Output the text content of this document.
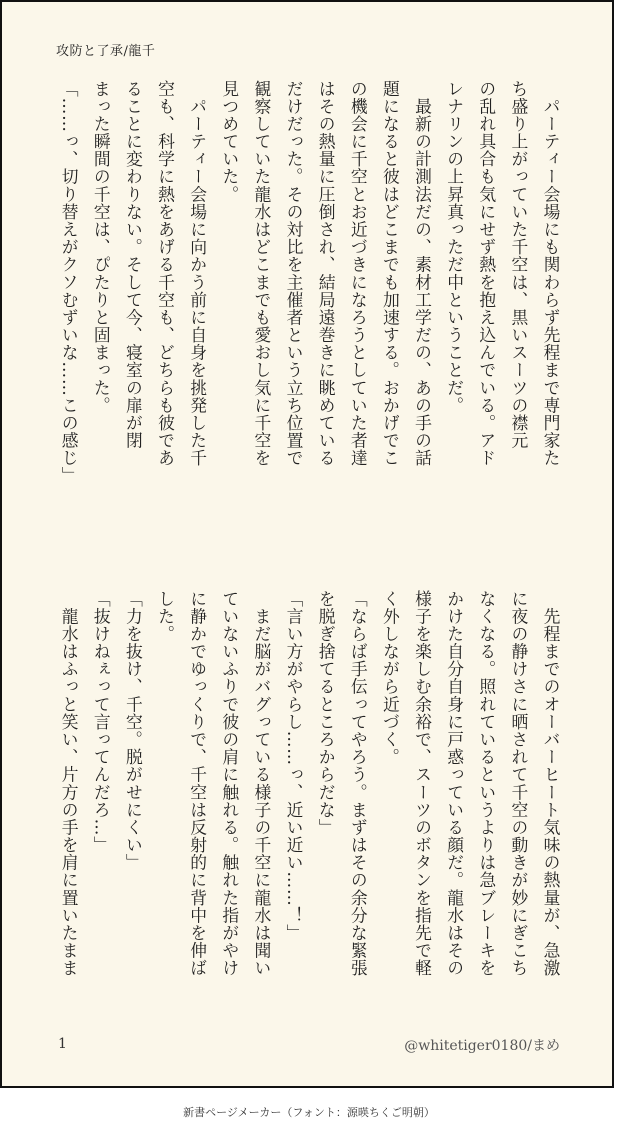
攻防と了承/龍千
　パーティー会場にも関わらず先程まで専門家た
ち盛り上がっていた千空は、黒いスーツの襟元
の乱れ具合も気にせず熱を抱え込んでいる。アド
レナリンの上昇真っただ中ということだ。
　最新の計測法だの、素材工学だの、あの手の話
題になると彼はどこまでも加速する。おかげでこ
の機会に千空とお近づきになろうとしていた者達
はその熱量に圧倒され、結局遠巻きに眺めている
だけだった。その対比を主催者という立ち位置で
観察していた龍水はどこまでも愛おし気に千空を
見つめていた。
　パーティー会場に向かう前に自身を挑発した千
空も、科学に熱をあげる千空も、どちらも彼であ
ることに変わりない。そして今、寝室の扉が閉
まった瞬間の千空は、ぴたりと固まった。
「……っ、切り替えがクソむずいな……この感じ」
　先程までのオーバーヒート気味の熱量が、急激
に夜の静けさに晒されて千空の動きが妙にぎこち
なくなる。照れているというよりは急ブレーキを
かけた自分自身に戸惑っている顔だ。龍水はその
様子を楽しむ余裕で、スーツのボタンを指先で軽
く外しながら近づく。
「ならば手伝ってやろう。まずはその余分な緊張
を脱ぎ捨てるところからだな」
「言い方がやらし……っ、近い近い……！」
　まだ脳がバグっている様子の千空に龍水は聞い
ていないふりで彼の肩に触れる。触れた指がやけ
に静かでゆっくりで、千空は反射的に背中を伸ば
した。
「力を抜け、千空。脱がせにくい」
「抜けねぇって言ってんだろ…」
　龍水はふっと笑い、片方の手を肩に置いたまま
1	@whitetiger0180/まめ
新書ページメーカー（フォント：源暎ちくご明朝）
